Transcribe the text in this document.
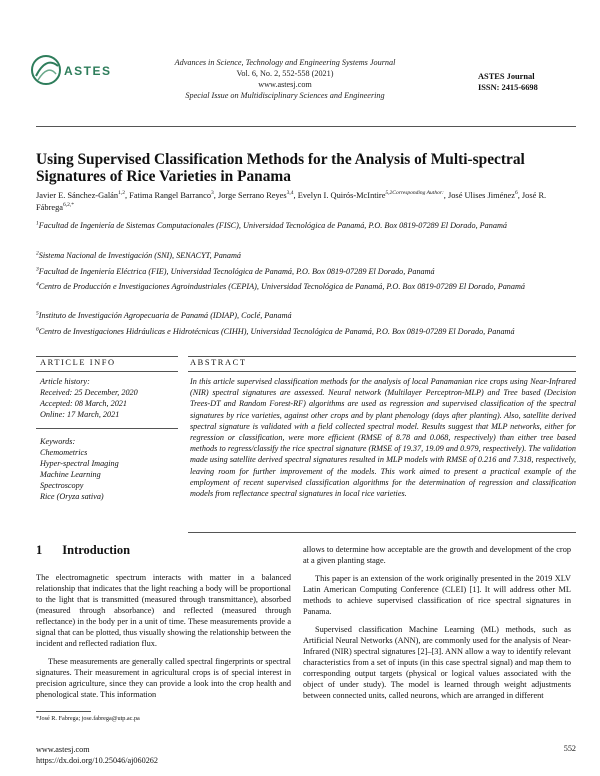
ASTES
Advances in Science, Technology and Engineering Systems Journal
Vol. 6, No. 2, 552-558 (2021)
www.astesj.com
Special Issue on Multidisciplinary Sciences and Engineering
ASTES Journal
ISSN: 2415-6698
Using Supervised Classification Methods for the Analysis of Multi-spectral Signatures of Rice Varieties in Panama
Javier E. Sánchez-Galán$^{1,2}$, Fatima Rangel Barranco$^3$, Jorge Serrano Reyes$^{3,4}$, Evelyn I. Quirós-McIntire$^{5,2Corresponding Author:}$, José Ulises Jiménez$^6$, José R. Fábrega$^{6,2,*}$
$^1$Facultad de Ingeniería de Sistemas Computacionales (FISC), Universidad Tecnológica de Panamá, P.O. Box 0819-07289 El Dorado, Panamá
$^2$Sistema Nacional de Investigación (SNI), SENACYT, Panamá
$^3$Facultad de Ingeniería Eléctrica (FIE), Universidad Tecnológica de Panamá, P.O. Box 0819-07289 El Dorado, Panamá
$^4$Centro de Producción e Investigaciones Agroindustriales (CEPIA), Universidad Tecnológica de Panamá, P.O. Box 0819-07289 El Dorado, Panamá
$^5$Instituto de Investigación Agropecuaria de Panamá (IDIAP), Coclé, Panamá
$^6$Centro de Investigaciones Hidráulicas e Hidrotécnicas (CIHH), Universidad Tecnológica de Panamá, P.O. Box 0819-07289 El Dorado, Panamá
ARTICLE INFO	ABSTRACT
Article history:
Received: 25 December, 2020
Accepted: 08 March, 2021
Online: 17 March, 2021
Keywords:
Chemometrics
Hyper-spectral Imaging
Machine Learning
Spectroscopy
Rice (Oryza sativa)
In this article supervised classification methods for the analysis of local Panamanian rice crops using Near-Infrared (NIR) spectral signatures are assessed. Neural network (Multilayer Perceptron-MLP) and Tree based (Decision Trees-DT and Random Forest-RF) algorithms are used as regression and supervised classification of the spectral signatures by rice varieties, against other crops and by plant phenology (days after planting). Also, satellite derived spectral signature is validated with a field collected spectral model. Results suggest that MLP networks, either for regression or classification, were more efficient (RMSE of 8.78 and 0.068, respectively) than either tree based methods to regress/classify the rice spectral signature (RMSE of 19.37, 19.09 and 0.979, respectively). The validation made using satellite derived spectral signatures resulted in MLP models with RMSE of 0.216 and 7.318, respectively, leaving room for further improvement of the models. This work aimed to present a practical example of the employment of recent supervised classification algorithms for the determination of regression and classification models from reflectance spectral signatures in local rice varieties.
1 Introduction

The electromagnetic spectrum interacts with matter in a balanced relationship that indicates that the light reaching a body will be proportional to the light that is transmitted (measured through transmittance), absorbed (measured through absorbance) and reflected (measured through reflectance) in the body per in a unit of time. These measurements provide a signal that can be plotted, thus visually showing the relationship between the incident and reflected radiation flux.

These measurements are generally called spectral fingerprints or spectral signatures. Their measurement in agricultural crops is of special interest in precision agriculture, since they can provide a look into the crop health and phenological state. This information

allows to determine how acceptable are the growth and development of the crop at a given planting stage.

This paper is an extension of the work originally presented in the 2019 XLV Latin American Computing Conference (CLEI) [1]. It will address other ML methods to achieve supervised classification of rice spectral signatures in Panama.

Supervised classification Machine Learning (ML) methods, such as Artificial Neural Networks (ANN), are commonly used for the analysis of Near-Infrared (NIR) spectral signatures [2]–[3]. ANN allow a way to identify relevant characteristics from a set of inputs (in this case spectral signal) and map them to corresponding output targets (physical or logical values associated with the object of under study). The model is learned through weight adjustments between connected units, called neurons, which are arranged in different

*José R. Fabrega; jose.fabrega@utp.ac.pa
www.astesj.com
https://dx.doi.org/10.25046/aj060262
552
